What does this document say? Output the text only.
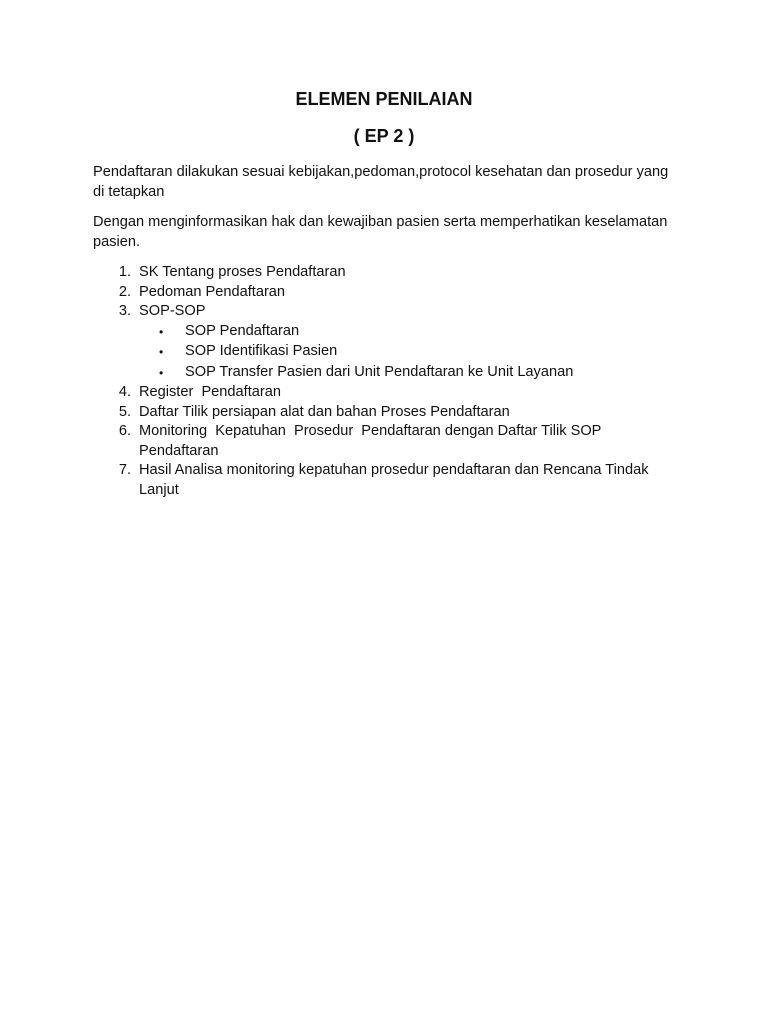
ELEMEN PENILAIAN
( EP 2 )

Pendaftaran dilakukan sesuai kebijakan,pedoman,protocol kesehatan dan prosedur yang di tetapkan

Dengan menginformasikan hak dan kewajiban pasien serta memperhatikan keselamatan pasien.

1. SK Tentang proses Pendaftaran
2. Pedoman Pendaftaran
3. SOP-SOP
•	SOP Pendaftaran
•	SOP Identifikasi Pasien
•	SOP Transfer Pasien dari Unit Pendaftaran ke Unit Layanan
4. Register  Pendaftaran
5. Daftar Tilik persiapan alat dan bahan Proses Pendaftaran
6. Monitoring  Kepatuhan  Prosedur  Pendaftaran dengan Daftar Tilik SOP Pendaftaran
7. Hasil Analisa monitoring kepatuhan prosedur pendaftaran dan Rencana Tindak Lanjut
